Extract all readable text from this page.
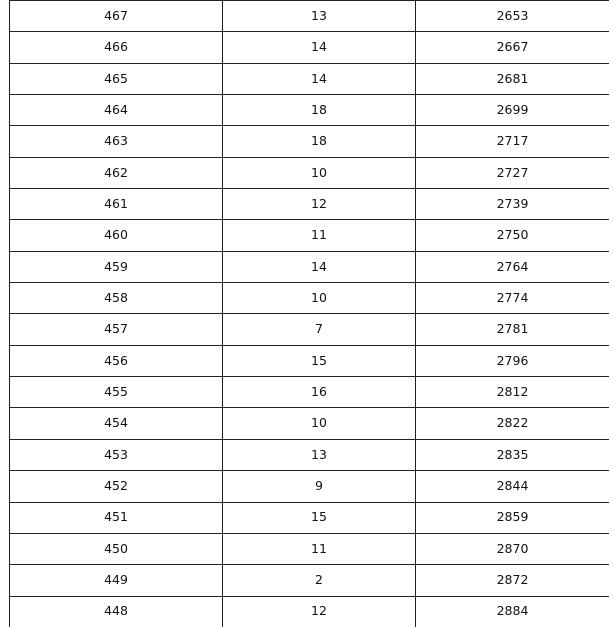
467	13	2653
466	14	2667
465	14	2681
464	18	2699
463	18	2717
462	10	2727
461	12	2739
460	11	2750
459	14	2764
458	10	2774
457	7	2781
456	15	2796
455	16	2812
454	10	2822
453	13	2835
452	9	2844
451	15	2859
450	11	2870
449	2	2872
448	12	2884
